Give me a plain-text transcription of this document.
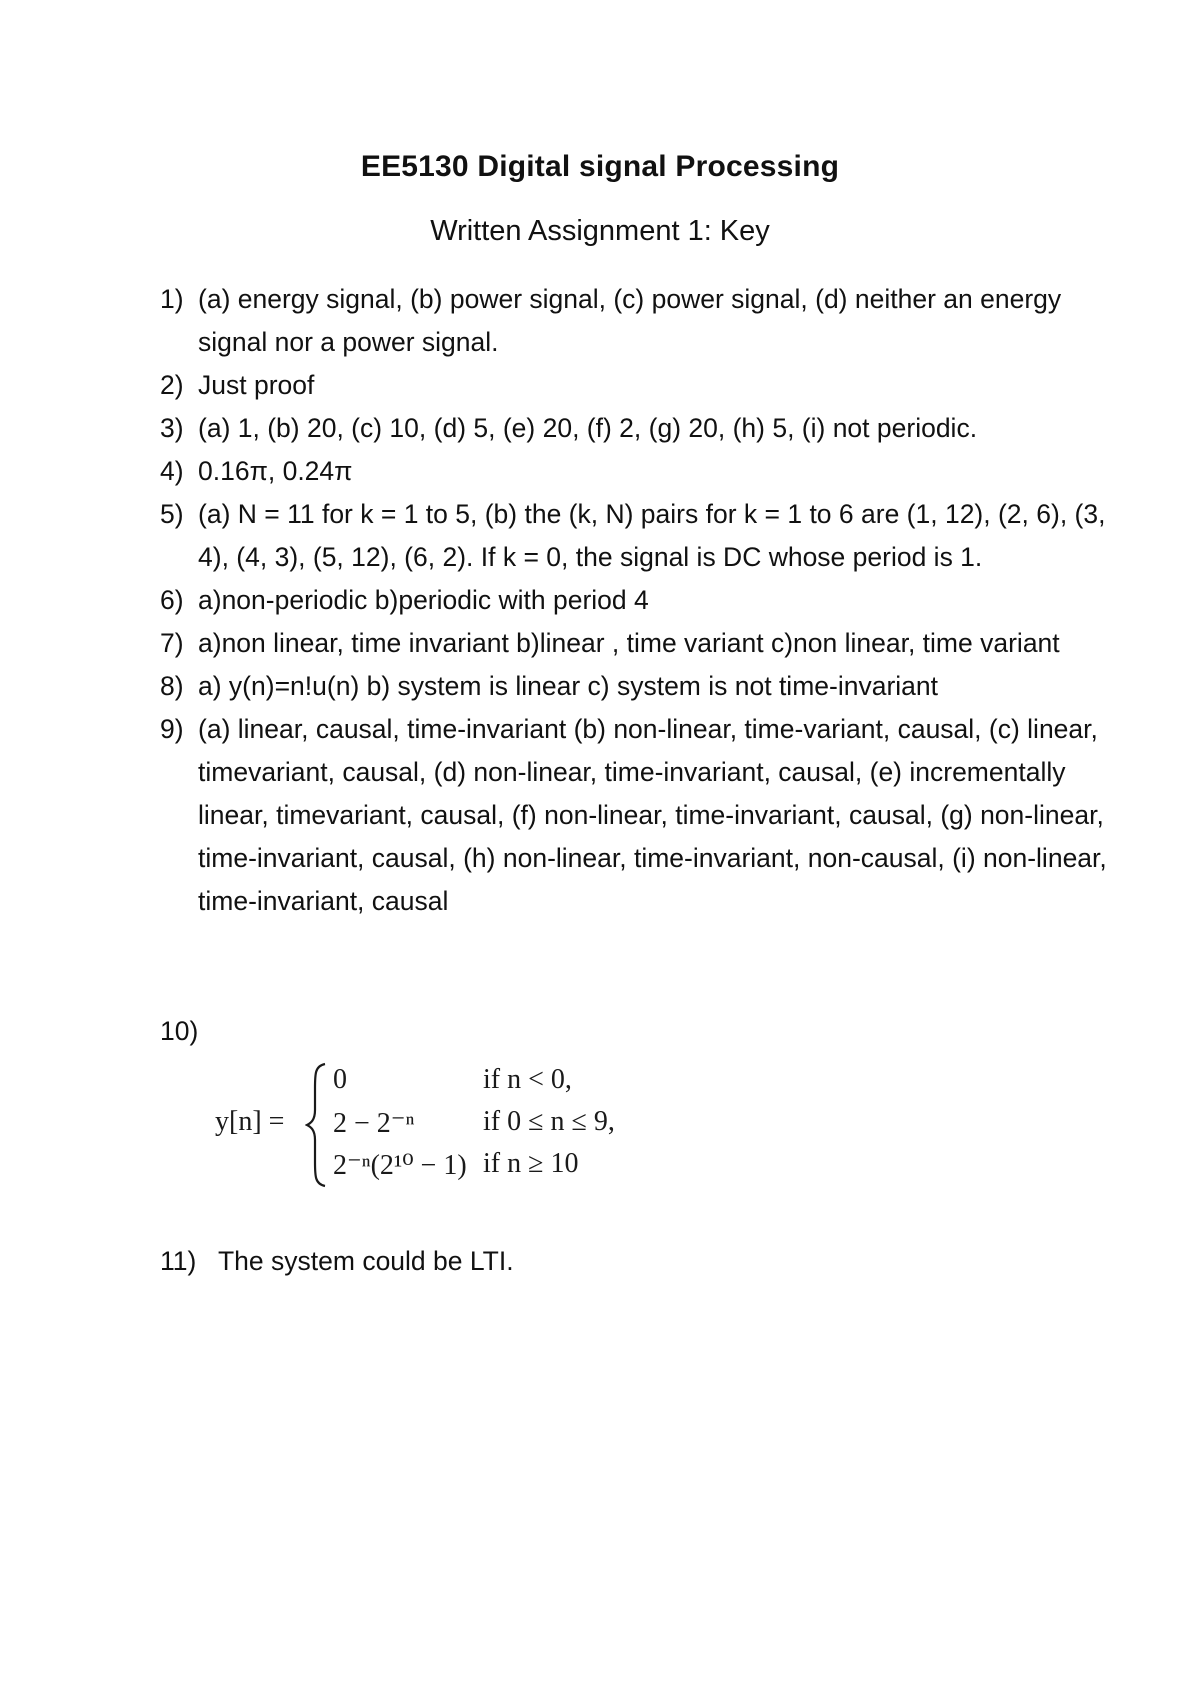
EE5130 Digital signal Processing
Written Assignment 1: Key
1) (a) energy signal, (b) power signal, (c) power signal, (d) neither an energy signal nor a power signal.
2) Just proof
3) (a) 1, (b) 20, (c) 10, (d) 5, (e) 20, (f) 2, (g) 20, (h) 5, (i) not periodic.
4) 0.16π, 0.24π
5) (a) N = 11 for k = 1 to 5, (b) the (k, N) pairs for k = 1 to 6 are (1, 12), (2, 6), (3, 4), (4, 3), (5, 12), (6, 2). If k = 0, the signal is DC whose period is 1.
6) a)non-periodic b)periodic with period 4
7) a)non linear, time invariant b)linear , time variant c)non linear, time variant
8) a) y(n)=n!u(n) b) system is linear c) system is not time-invariant
9) (a) linear, causal, time-invariant (b) non-linear, time-variant, causal, (c) linear, timevariant, causal, (d) non-linear, time-invariant, causal, (e) incrementally linear, timevariant, causal, (f) non-linear, time-invariant, causal, (g) non-linear, time-invariant, causal, (h) non-linear, time-invariant, non-causal, (i) non-linear, time-invariant, causal
10)
y[n] =
0	if n < 0,
2 − 2⁻ⁿ if 0 ≤ n ≤ 9,
2⁻ⁿ(2¹⁰ − 1) if n ≥ 10
11) The system could be LTI.
